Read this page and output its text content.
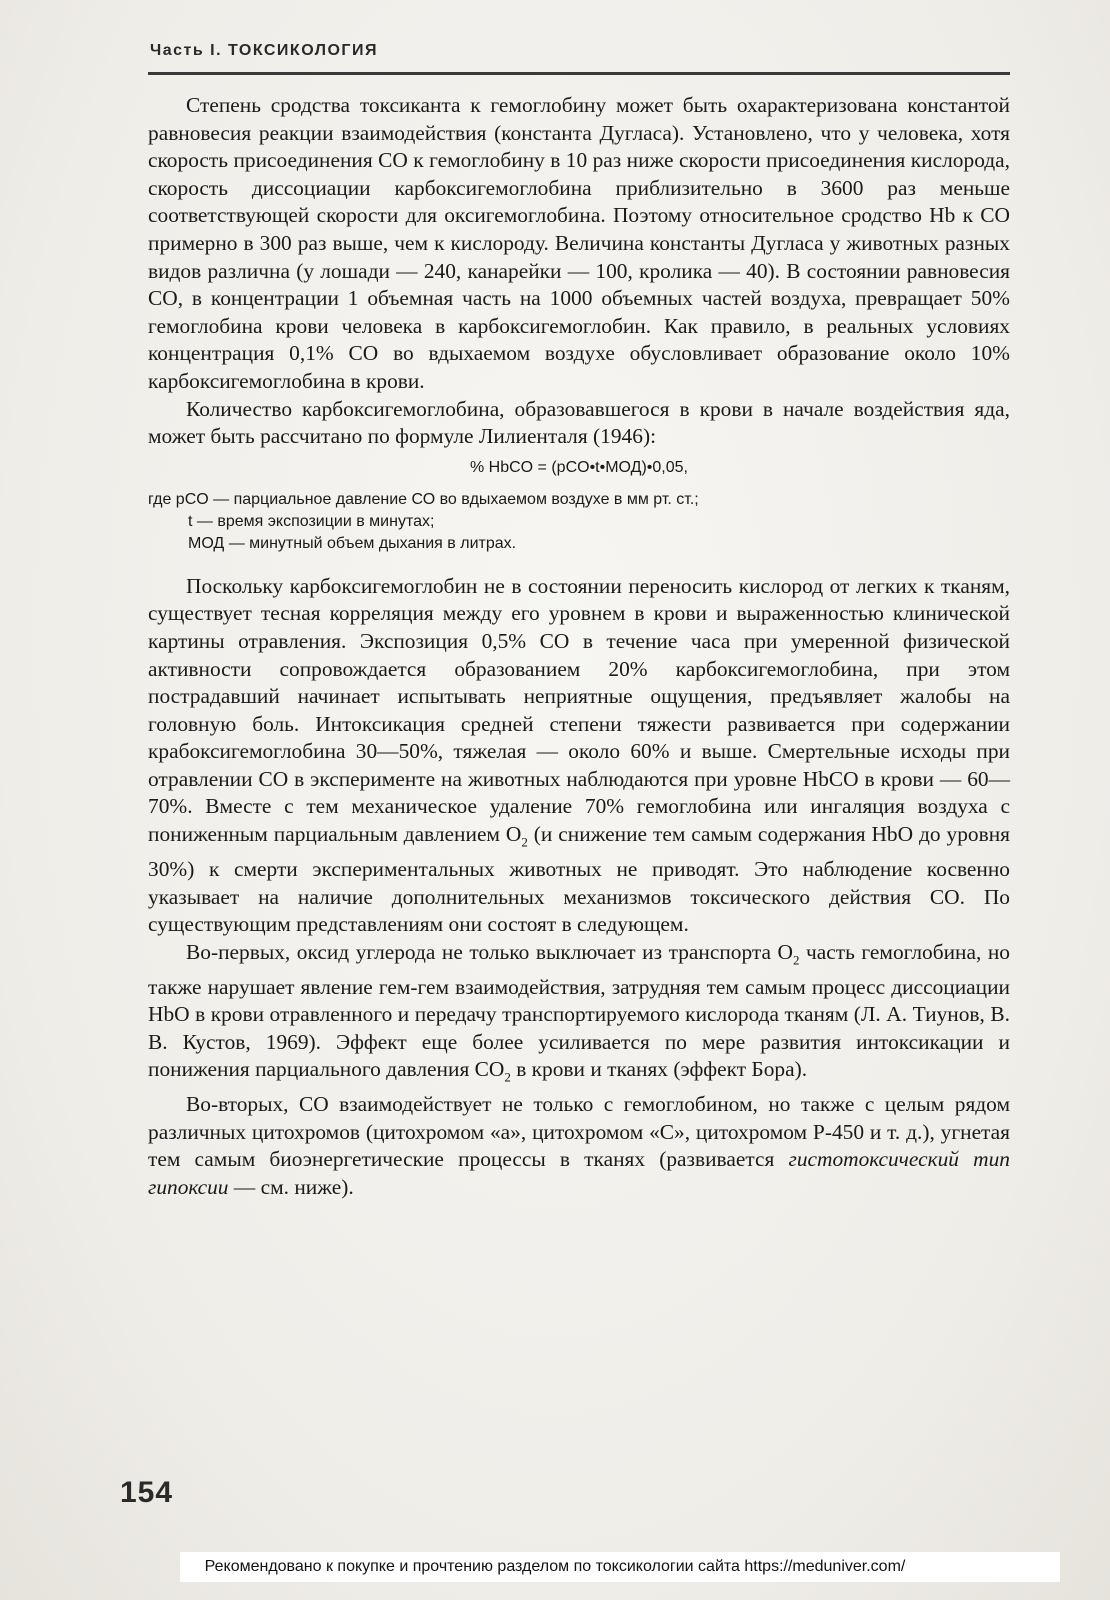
Часть I. ТОКСИКОЛОГИЯ

Степень сродства токсиканта к гемоглобину может быть охарактеризована константой равновесия реакции взаимодействия (константа Дугласа). Установлено, что у человека, хотя скорость присоединения СО к гемоглобину в 10 раз ниже скорости присоединения кислорода, скорость диссоциации карбоксигемоглобина приблизительно в 3600 раз меньше соответствующей скорости для оксигемоглобина. Поэтому относительное сродство Hb к СО примерно в 300 раз выше, чем к кислороду. Величина константы Дугласа у животных разных видов различна (у лошади — 240, канарейки — 100, кролика — 40). В состоянии равновесия СО, в концентрации 1 объемная часть на 1000 объемных частей воздуха, превращает 50% гемоглобина крови человека в карбоксигемоглобин. Как правило, в реальных условиях концентрация 0,1% СО во вдыхаемом воздухе обусловливает образование около 10% карбоксигемоглобина в крови.

Количество карбоксигемоглобина, образовавшегося в крови в начале воздействия яда, может быть рассчитано по формуле Лилиенталя (1946):

% HbCO = (pCO•t•МОД)•0,05,
где pCO — парциальное давление СО во вдыхаемом воздухе в мм рт. ст.;
t — время экспозиции в минутах;
МОД — минутный объем дыхания в литрах.

Поскольку карбоксигемоглобин не в состоянии переносить кислород от легких к тканям, существует тесная корреляция между его уровнем в крови и выраженностью клинической картины отравления. Экспозиция 0,5% СО в течение часа при умеренной физической активности сопровождается образованием 20% карбоксигемоглобина, при этом пострадавший начинает испытывать неприятные ощущения, предъявляет жалобы на головную боль. Интоксикация средней степени тяжести развивается при содержании крабоксигемоглобина 30—50%, тяжелая — около 60% и выше. Смертельные исходы при отравлении СО в эксперименте на животных наблюдаются при уровне HbCO в крови — 60—70%. Вместе с тем механическое удаление 70% гемоглобина или ингаляция воздуха с пониженным парциальным давлением $O_2$ (и снижение тем самым содержания HbO до уровня 30%) к смерти экспериментальных животных не приводят. Это наблюдение косвенно указывает на наличие дополнительных механизмов токсического действия СО. По существующим представлениям они состоят в следующем.

Во-первых, оксид углерода не только выключает из транспорта $O_2$ часть гемоглобина, но также нарушает явление гем-гем взаимодействия, затрудняя тем самым процесс диссоциации HbO в крови отравленного и передачу транспортируемого кислорода тканям (Л. А. Тиунов, В. В. Кустов, 1969). Эффект еще более усиливается по мере развития интоксикации и понижения парциального давления $CO_2$ в крови и тканях (эффект Бора).

Во-вторых, СО взаимодействует не только с гемоглобином, но также с целым рядом различных цитохромов (цитохромом «а», цитохромом «С», цитохромом Р-450 и т. д.), угнетая тем самым биоэнергетические процессы в тканях (развивается гистотоксический тип гипоксии — см. ниже).

154
Рекомендовано к покупке и прочтению разделом по токсикологии сайта https://meduniver.com/
